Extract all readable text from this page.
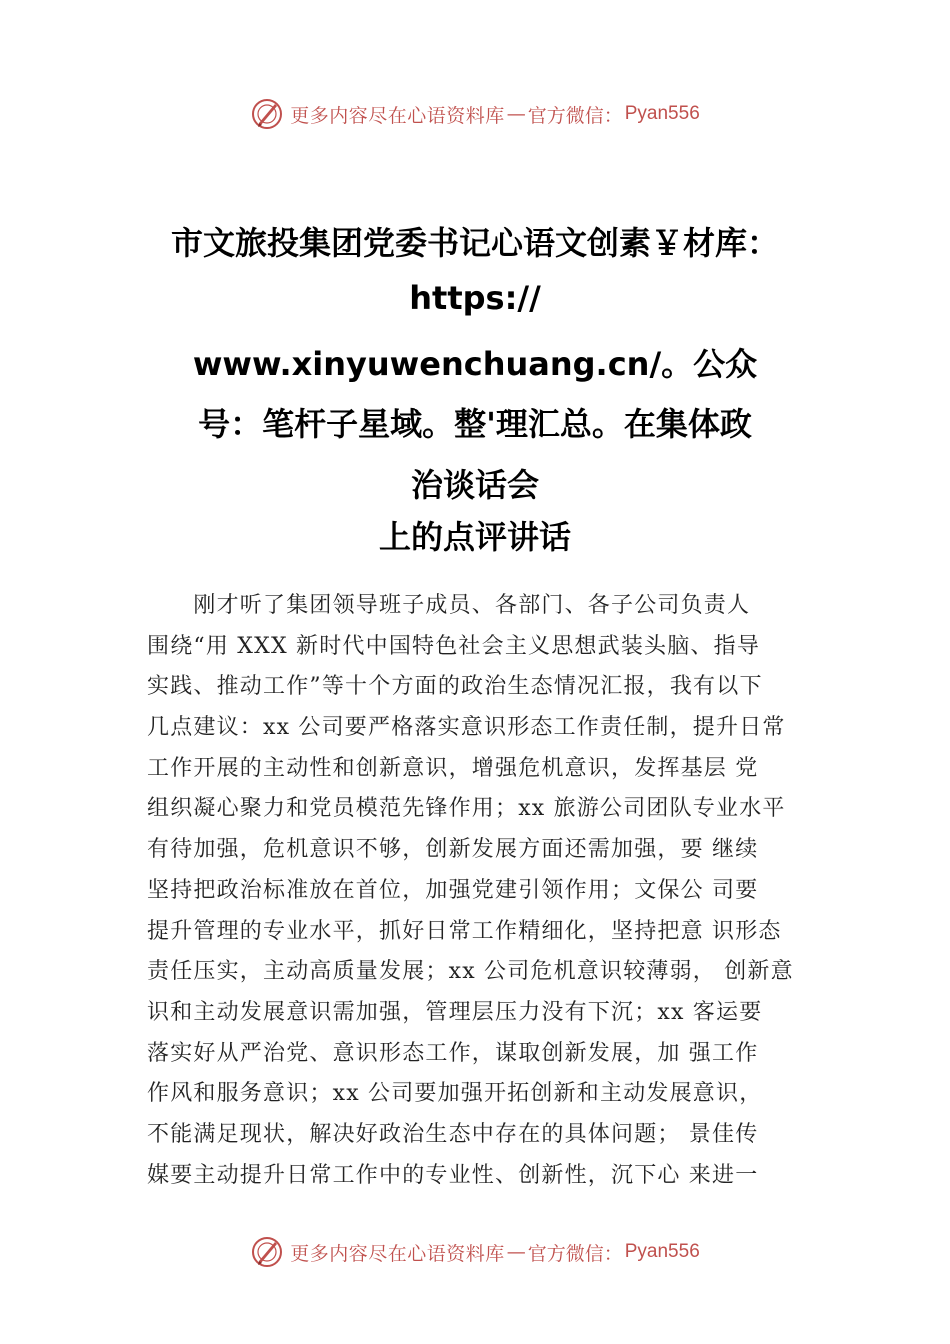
更多内容尽在心语资料库 — 官方微信： Pyan556
市文旅投集团党委书记心语文创素￥材库：
https://
www.xinyuwenchuang.cn/。公众
号：笔杆子星域。整'理汇总。在集体政
治谈话会
上的点评讲话
　　刚才听了集团领导班子成员、各部门、各子公司负责人
围绕“用 XXX 新时代中国特色社会主义思想武装头脑、指导
实践、推动工作”等十个方面的政治生态情况汇报，我有以下
几点建议：xx 公司要严格落实意识形态工作责任制，提升日常
工作开展的主动性和创新意识，增强危机意识，发挥基层 党
组织凝心聚力和党员模范先锋作用；xx 旅游公司团队专业水平
有待加强，危机意识不够，创新发展方面还需加强，要 继续
坚持把政治标准放在首位，加强党建引领作用；文保公 司要
提升管理的专业水平，抓好日常工作精细化，坚持把意 识形态
责任压实，主动高质量发展；xx 公司危机意识较薄弱， 创新意
识和主动发展意识需加强，管理层压力没有下沉；xx 客运要
落实好从严治党、意识形态工作，谋取创新发展，加 强工作
作风和服务意识；xx 公司要加强开拓创新和主动发展意识，
不能满足现状，解决好政治生态中存在的具体问题； 景佳传
媒要主动提升日常工作中的专业性、创新性，沉下心 来进一
更多内容尽在心语资料库 — 官方微信： Pyan556
